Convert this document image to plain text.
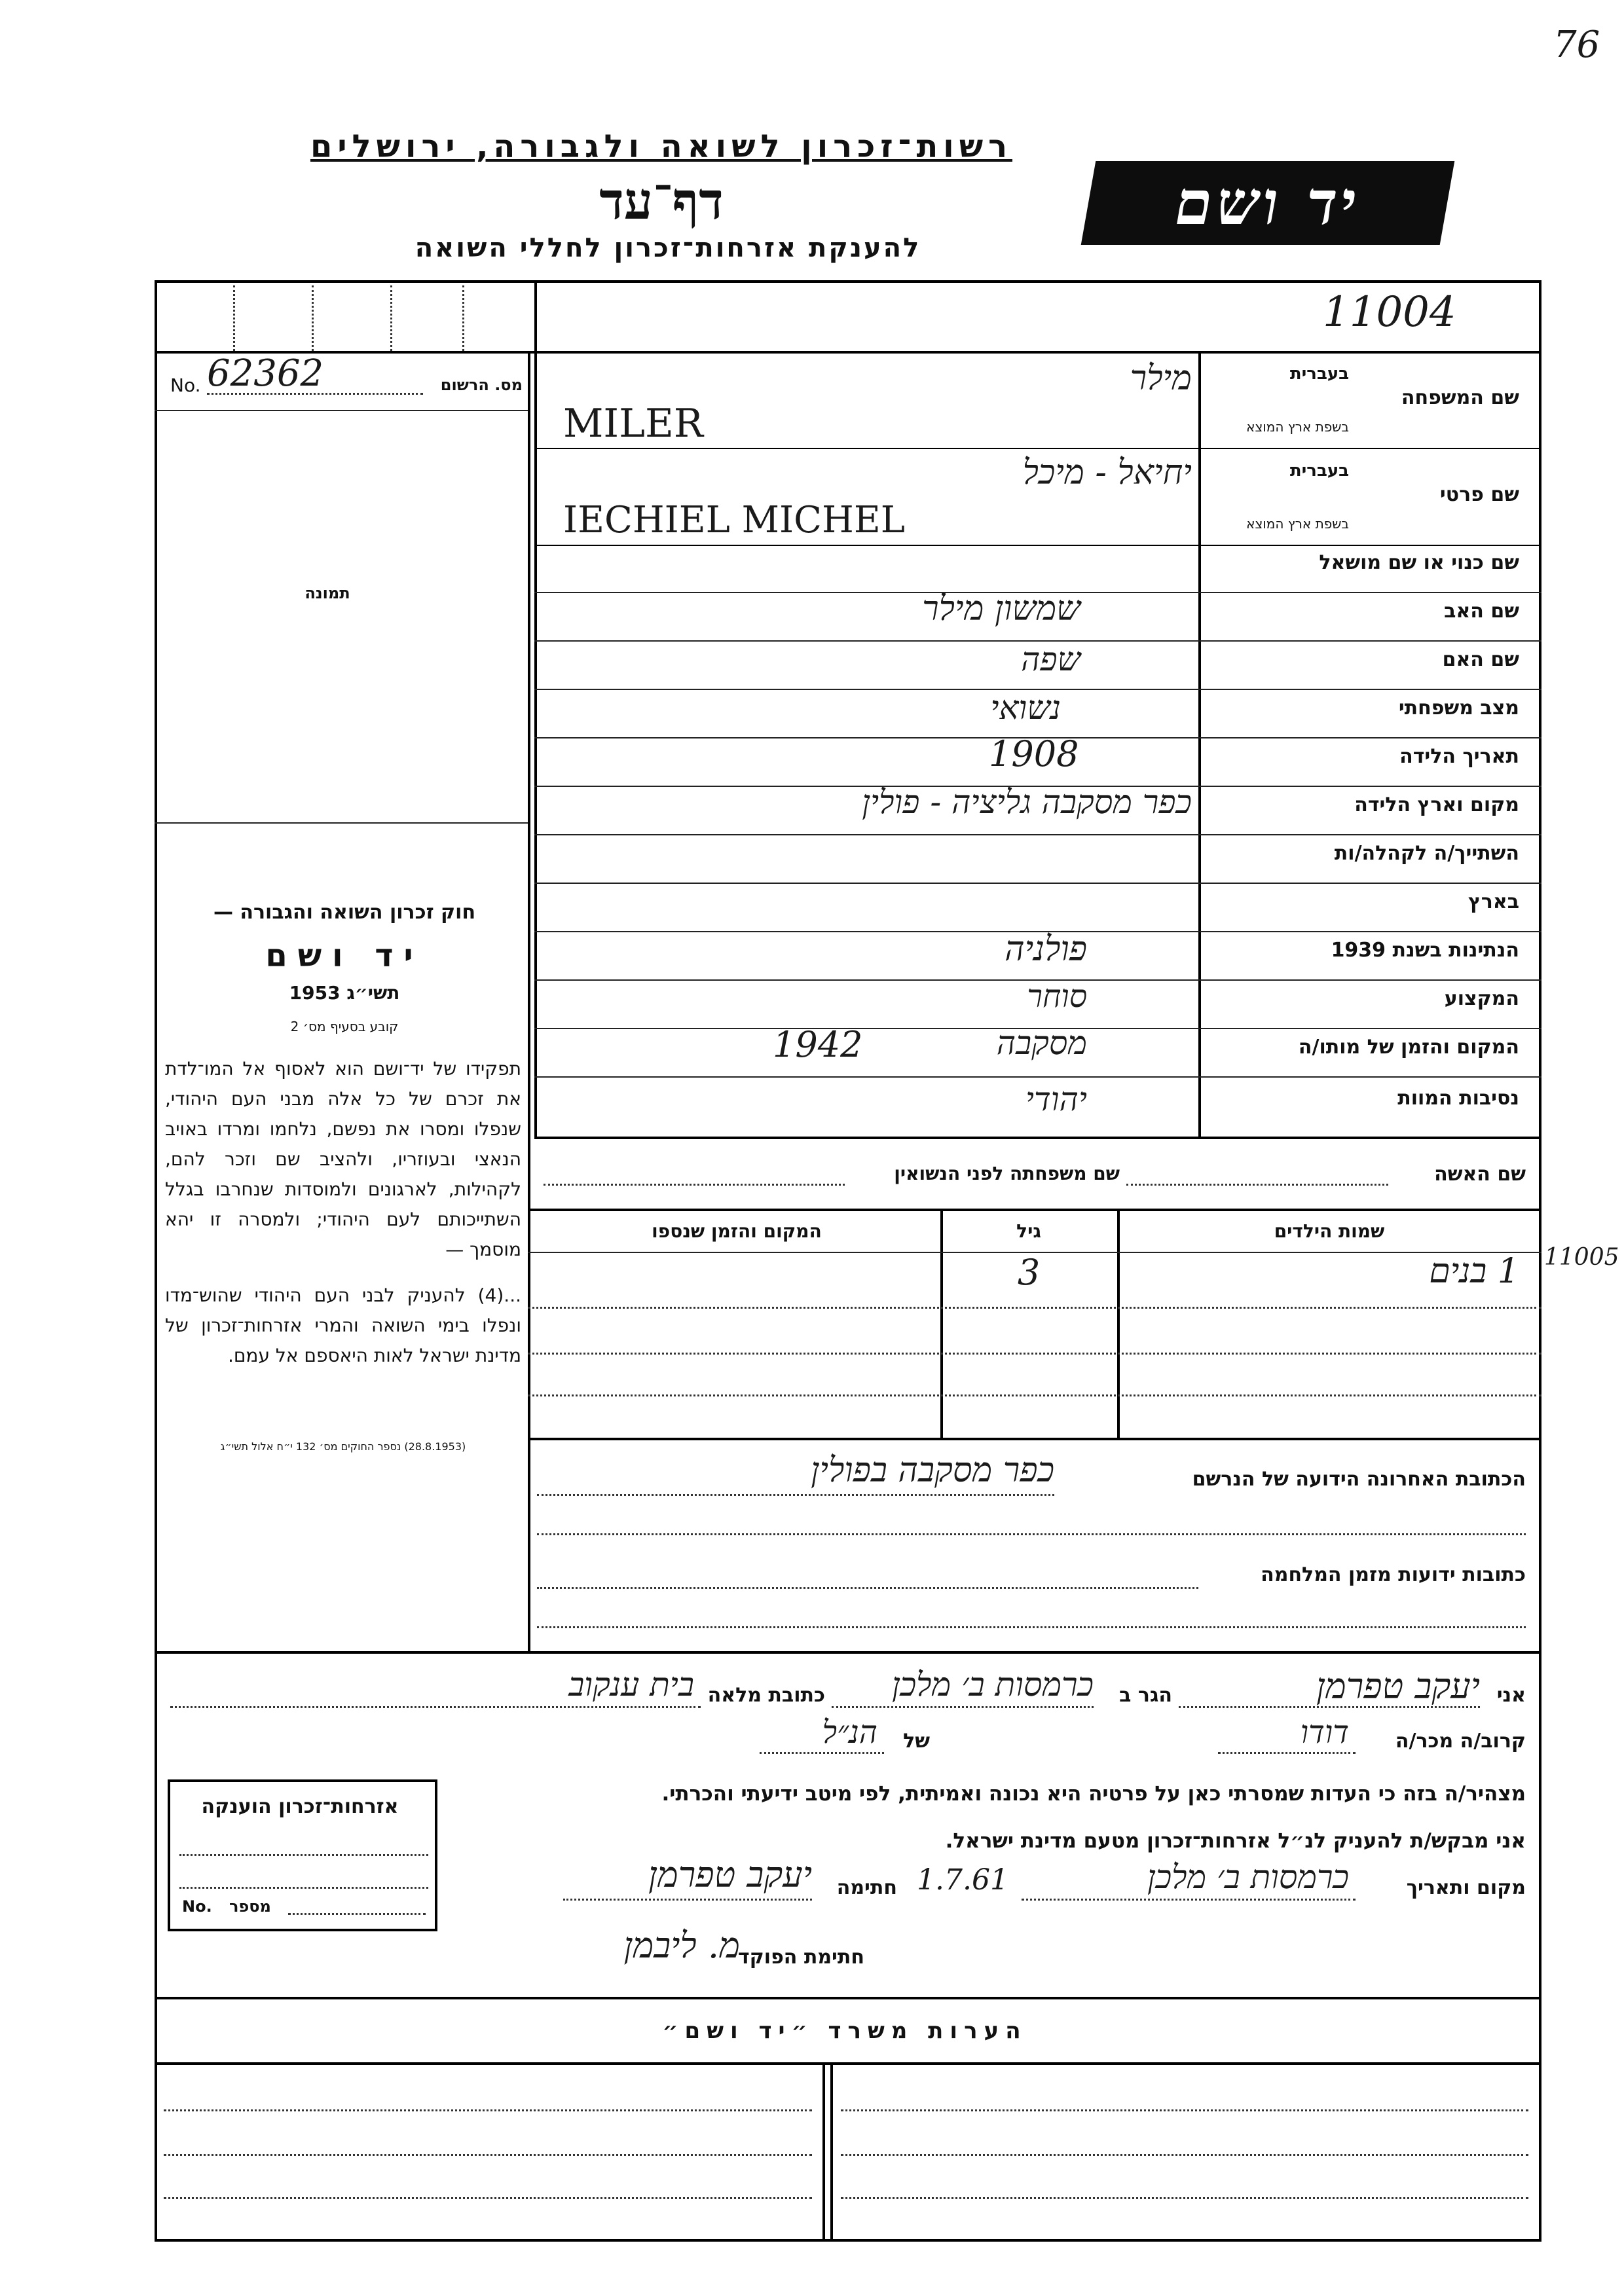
76
יד ושם
רשות־זכרון לשואה ולגבורה, ירושלים
דף־עד
להענקת אזרחות־זכרון לחללי השואה
11004
No. 62362	מס. הרשום
תמונה
חוק זכרון השואה והגבורה —
יד ושם
תשי״ג 1953
קובע בסעיף מס׳ 2
תפקידו של יד־ושם הוא לאסוף אל המו־לדת את זכרם של כל אלה מבני העם היהודי, שנפלו ומסרו את נפשם, נלחמו ומרדו באויב הנאצי ובעוזריו, ולהציב שם וזכר להם, לקהילות, לארגונים ולמוסדות שנחרבו בגלל השתייכותם לעם היהודי; ולמסרה זו יהא מוסמך —
...(4) להעניק לבני העם היהודי שהוש־מדו ונפלו בימי השואה והמרי אזרחות־זכרון של מדינת ישראל לאות היאספם אל עמם.
(28.8.1953) נספר החוקים מס׳ 132 י״ח אלול תשי״ג
שם המשפחה
בעברית
בשפת ארץ המוצא
מילר
MILER
שם פרטי
בעברית
בשפת ארץ המוצא
יחיאל - מיכל
IECHIEL MICHEL
שם כנוי או שם מושאל
שם האב
שמשון מילר
שם האם
שפה
מצב משפחתי
נשואי
תאריך הלידה
1908
מקום וארץ הלידה
כפר מסקבה גליציה - פולין
השתייך/ה לקהלה/ות
בארץ
הנתינות בשנת 1939
פולניה
המקצוע
סוחר
המקום והזמן של מותו/ה
מסקבה
1942
נסיבות המוות
יהודי
שם האשה
שם משפחתה לפני הנשואין
שמות הילדים
גיל
המקום והזמן שנספו
1 בנים
3	11005
הכתובת האחרונה הידועה של הנרשם
כפר מסקבה בפולין
כתובות ידועות מזמן המלחמה
אני
יעקב טפרמן
הגר ב
כרמסות ב׳ מלכן
כתובת מלאה
בית ענקוב
קרוב/ה מכר/ה
דודו
של
הנ״ל
מצהיר/ה בזה כי העדות שמסרתי כאן על פרטיה היא נכונה ואמיתית, לפי מיטב ידיעתי והכרתי.
אני מבקש/ת להעניק לנ״ל אזרחות־זכרון מטעם מדינת ישראל.
מקום ותאריך
כרמסות ב׳ מלכן
1.7.61
חתימה
יעקב טפרמן
חתימת הפוקד
מ. ליבמן
אזרחות־זכרון הוענקה
No. מספר
הערות משרד ״יד ושם״
